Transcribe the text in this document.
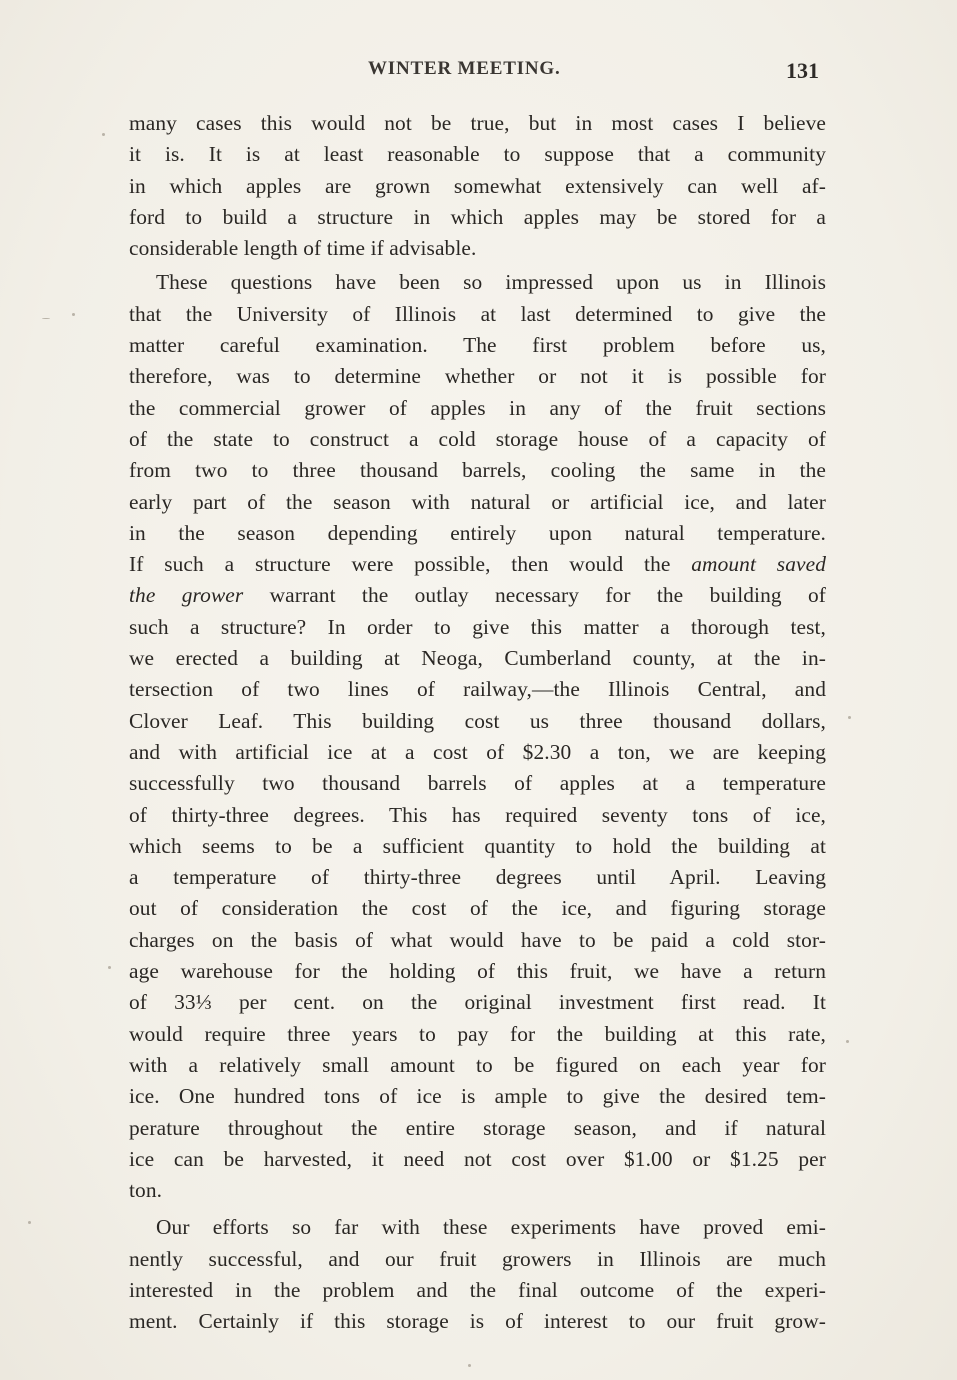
WINTER MEETING.	131
many cases this would not be true, but in most cases I believe
it is. It is at least reasonable to suppose that a community
in which apples are grown somewhat extensively can well af-
ford to build a structure in which apples may be stored for a
considerable length of time if advisable.
These questions have been so impressed upon us in Illinois
that the University of Illinois at last determined to give the
matter careful examination. The first problem before us,
therefore, was to determine whether or not it is possible for
the commercial grower of apples in any of the fruit sections
of the state to construct a cold storage house of a capacity of
from two to three thousand barrels, cooling the same in the
early part of the season with natural or artificial ice, and later
in the season depending entirely upon natural temperature.
If such a structure were possible, then would the amount saved
the grower warrant the outlay necessary for the building of
such a structure? In order to give this matter a thorough test,
we erected a building at Neoga, Cumberland county, at the in-
tersection of two lines of railway,—the Illinois Central, and
Clover Leaf. This building cost us three thousand dollars,
and with artificial ice at a cost of $2.30 a ton, we are keeping
successfully two thousand barrels of apples at a temperature
of thirty-three degrees. This has required seventy tons of ice,
which seems to be a sufficient quantity to hold the building at
a temperature of thirty-three degrees until April. Leaving
out of consideration the cost of the ice, and figuring storage
charges on the basis of what would have to be paid a cold stor-
age warehouse for the holding of this fruit, we have a return
of 33⅓ per cent. on the original investment first read. It
would require three years to pay for the building at this rate,
with a relatively small amount to be figured on each year for
ice. One hundred tons of ice is ample to give the desired tem-
perature throughout the entire storage season, and if natural
ice can be harvested, it need not cost over $1.00 or $1.25 per
ton.
Our efforts so far with these experiments have proved emi-
nently successful, and our fruit growers in Illinois are much
interested in the problem and the final outcome of the experi-
ment. Certainly if this storage is of interest to our fruit grow-
